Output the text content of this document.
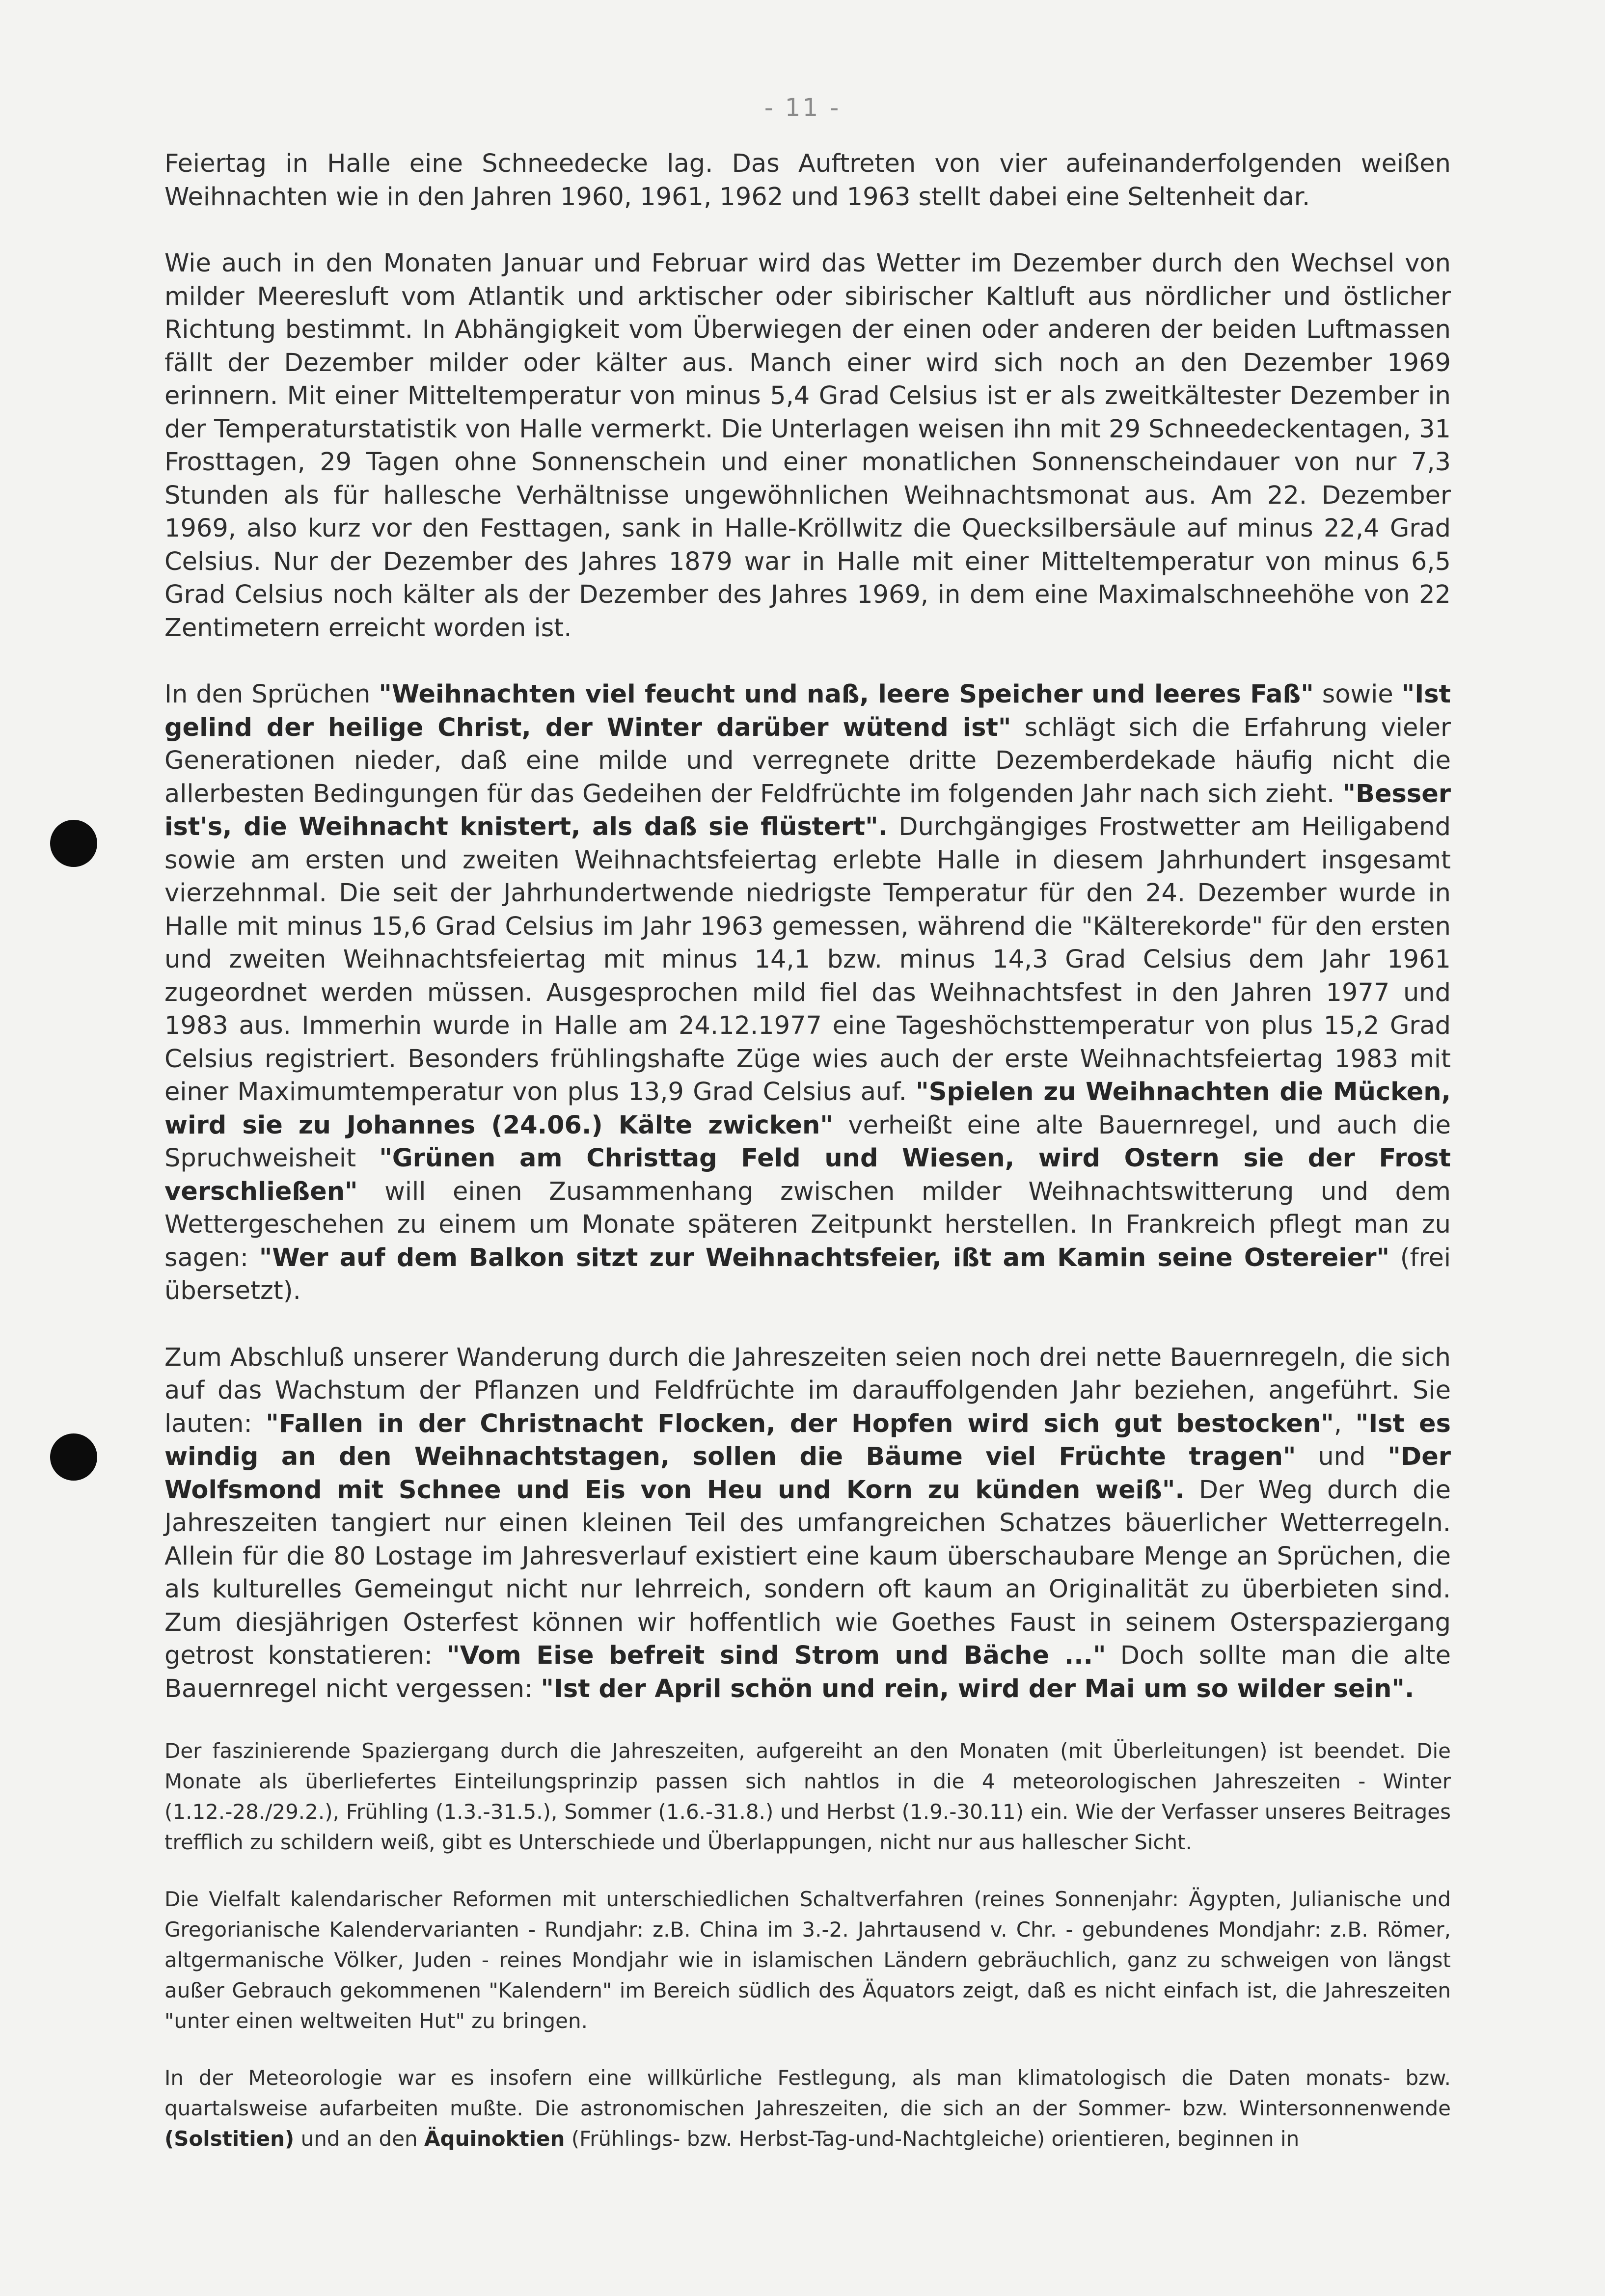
- 11 -

Feiertag in Halle eine Schneedecke lag. Das Auftreten von vier aufeinanderfolgenden weißen Weihnachten wie in den Jahren 1960, 1961, 1962 und 1963 stellt dabei eine Seltenheit dar.

Wie auch in den Monaten Januar und Februar wird das Wetter im Dezember durch den Wechsel von milder Meeresluft vom Atlantik und arktischer oder sibirischer Kaltluft aus nördlicher und östlicher Richtung bestimmt. In Abhängigkeit vom Überwiegen der einen oder anderen der beiden Luftmassen fällt der Dezember milder oder kälter aus. Manch einer wird sich noch an den Dezember 1969 erinnern. Mit einer Mitteltemperatur von minus 5,4 Grad Celsius ist er als zweitkältester Dezember in der Temperaturstatistik von Halle vermerkt. Die Unterlagen weisen ihn mit 29 Schneedeckentagen, 31 Frosttagen, 29 Tagen ohne Sonnenschein und einer monatlichen Sonnenscheindauer von nur 7,3 Stunden als für hallesche Verhältnisse ungewöhnlichen Weihnachtsmonat aus. Am 22. Dezember 1969, also kurz vor den Festtagen, sank in Halle-Kröllwitz die Quecksilbersäule auf minus 22,4 Grad Celsius. Nur der Dezember des Jahres 1879 war in Halle mit einer Mitteltemperatur von minus 6,5 Grad Celsius noch kälter als der Dezember des Jahres 1969, in dem eine Maximalschneehöhe von 22 Zentimetern erreicht worden ist.

In den Sprüchen "Weihnachten viel feucht und naß, leere Speicher und leeres Faß" sowie "Ist gelind der heilige Christ, der Winter darüber wütend ist" schlägt sich die Erfahrung vieler Generationen nieder, daß eine milde und verregnete dritte Dezemberdekade häufig nicht die allerbesten Bedingungen für das Gedeihen der Feldfrüchte im folgenden Jahr nach sich zieht. "Besser ist's, die Weihnacht knistert, als daß sie flüstert". Durchgängiges Frostwetter am Heiligabend sowie am ersten und zweiten Weihnachtsfeiertag erlebte Halle in diesem Jahrhundert insgesamt vierzehnmal. Die seit der Jahrhundertwende niedrigste Temperatur für den 24. Dezember wurde in Halle mit minus 15,6 Grad Celsius im Jahr 1963 gemessen, während die "Kälterekorde" für den ersten und zweiten Weihnachtsfeiertag mit minus 14,1 bzw. minus 14,3 Grad Celsius dem Jahr 1961 zugeordnet werden müssen. Ausgesprochen mild fiel das Weihnachtsfest in den Jahren 1977 und 1983 aus. Immerhin wurde in Halle am 24.12.1977 eine Tageshöchsttemperatur von plus 15,2 Grad Celsius registriert. Besonders frühlingshafte Züge wies auch der erste Weihnachtsfeiertag 1983 mit einer Maximumtemperatur von plus 13,9 Grad Celsius auf. "Spielen zu Weihnachten die Mücken, wird sie zu Johannes (24.06.) Kälte zwicken" verheißt eine alte Bauernregel, und auch die Spruchweisheit "Grünen am Christtag Feld und Wiesen, wird Ostern sie der Frost verschließen" will einen Zusammenhang zwischen milder Weihnachtswitterung und dem Wettergeschehen zu einem um Monate späteren Zeitpunkt herstellen. In Frankreich pflegt man zu sagen: "Wer auf dem Balkon sitzt zur Weihnachtsfeier, ißt am Kamin seine Ostereier" (frei übersetzt).

Zum Abschluß unserer Wanderung durch die Jahreszeiten seien noch drei nette Bauernregeln, die sich auf das Wachstum der Pflanzen und Feldfrüchte im darauffolgenden Jahr beziehen, angeführt. Sie lauten: "Fallen in der Christnacht Flocken, der Hopfen wird sich gut bestocken", "Ist es windig an den Weihnachtstagen, sollen die Bäume viel Früchte tragen" und "Der Wolfsmond mit Schnee und Eis von Heu und Korn zu künden weiß". Der Weg durch die Jahreszeiten tangiert nur einen kleinen Teil des umfangreichen Schatzes bäuerlicher Wetterregeln. Allein für die 80 Lostage im Jahresverlauf existiert eine kaum überschaubare Menge an Sprüchen, die als kulturelles Gemeingut nicht nur lehrreich, sondern oft kaum an Originalität zu überbieten sind. Zum diesjährigen Osterfest können wir hoffentlich wie Goethes Faust in seinem Osterspaziergang getrost konstatieren: "Vom Eise befreit sind Strom und Bäche ..." Doch sollte man die alte Bauernregel nicht vergessen: "Ist der April schön und rein, wird der Mai um so wilder sein".

Der faszinierende Spaziergang durch die Jahreszeiten, aufgereiht an den Monaten (mit Überleitungen) ist beendet. Die Monate als überliefertes Einteilungsprinzip passen sich nahtlos in die 4 meteorologischen Jahreszeiten - Winter (1.12.-28./29.2.), Frühling (1.3.-31.5.), Sommer (1.6.-31.8.) und Herbst (1.9.-30.11) ein. Wie der Verfasser unseres Beitrages trefflich zu schildern weiß, gibt es Unterschiede und Überlappungen, nicht nur aus hallescher Sicht.

Die Vielfalt kalendarischer Reformen mit unterschiedlichen Schaltverfahren (reines Sonnenjahr: Ägypten, Julianische und Gregorianische Kalendervarianten - Rundjahr: z.B. China im 3.-2. Jahrtausend v. Chr. - gebundenes Mondjahr: z.B. Römer, altgermanische Völker, Juden - reines Mondjahr wie in islamischen Ländern gebräuchlich, ganz zu schweigen von längst außer Gebrauch gekommenen "Kalendern" im Bereich südlich des Äquators zeigt, daß es nicht einfach ist, die Jahreszeiten "unter einen weltweiten Hut" zu bringen.

In der Meteorologie war es insofern eine willkürliche Festlegung, als man klimatologisch die Daten monats- bzw. quartalsweise aufarbeiten mußte. Die astronomischen Jahreszeiten, die sich an der Sommer- bzw. Wintersonnenwende (Solstitien) und an den Äquinoktien (Frühlings- bzw. Herbst-Tag-und-Nachtgleiche) orientieren, beginnen in
